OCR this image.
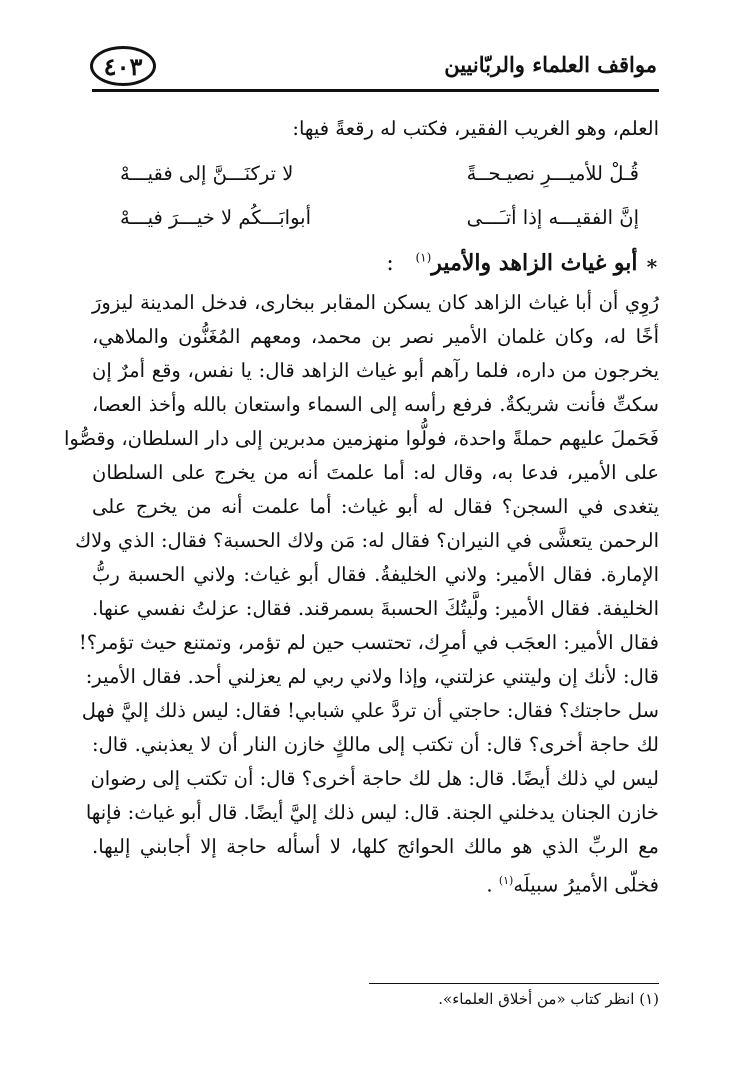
٤٠٣	مواقف العلماء والربّانيين
العلم، وهو الغريب الفقير، فكتب له رقعةً فيها:
قُـلْ للأميـــرِ نصيـحــةً
لا تركنَـــنَّ إلى فقيـــهْ
إنَّ الفقيـــه إذا أتـَـــى
أبوابَـــكُم لا خيـــرَ فيـــهْ
∗ أبو غياث الزاهد والأمير$^{(١)}$ :
رُوِي أن أبا غياث الزاهد كان يسكن المقابر ببخارى، فدخل المدينة ليزورَ
أخًا له، وكان غلمان الأمير نصر بن محمد، ومعهم المُغَنُّون والملاهي،
يخرجون من داره، فلما رآهم أبو غياث الزاهد قال: يا نفس، وقع أمرٌ إن
سكتِّ فأنت شريكةٌ. فرفع رأسه إلى السماء واستعان بالله وأخذ العصا،
فَحَملَ عليهم حملةً واحدة، فولُّوا منهزمين مدبرين إلى دار السلطان، وقصُّوا
على الأمير، فدعا به، وقال له: أما علمتَ أنه من يخرج على السلطان
يتغدى في السجن؟ فقال له أبو غياث: أما علمت أنه من يخرج على
الرحمن يتعشَّى في النيران؟ فقال له: مَن ولاك الحسبة؟ فقال: الذي ولاك
الإمارة. فقال الأمير: ولاني الخليفةُ. فقال أبو غياث: ولاني الحسبة ربُّ
الخليفة. فقال الأمير: ولَّيتُكَ الحسبةَ بسمرقند. فقال: عزلتُ نفسي عنها.
فقال الأمير: العجَب في أمرِك، تحتسب حين لم تؤمر، وتمتنع حيث تؤمر؟!
قال: لأنك إن وليتني عزلتني، وإذا ولاني ربي لم يعزلني أحد. فقال الأمير:
سل حاجتك؟ فقال: حاجتي أن تردَّ علي شبابي! فقال: ليس ذلك إليَّ فهل
لك حاجة أخرى؟ قال: أن تكتب إلى مالكٍ خازن النار أن لا يعذبني. قال:
ليس لي ذلك أيضًا. قال: هل لك حاجة أخرى؟ قال: أن تكتب إلى رضوان
خازن الجنان يدخلني الجنة. قال: ليس ذلك إليَّ أيضًا. قال أبو غياث: فإنها
مع الربِّ الذي هو مالك الحوائج كلها، لا أسأله حاجة إلا أجابني إليها.
فخلّى الأميرُ سبيلَه$^{(١)}$ .
(١) انظر كتاب «من أخلاق العلماء».
